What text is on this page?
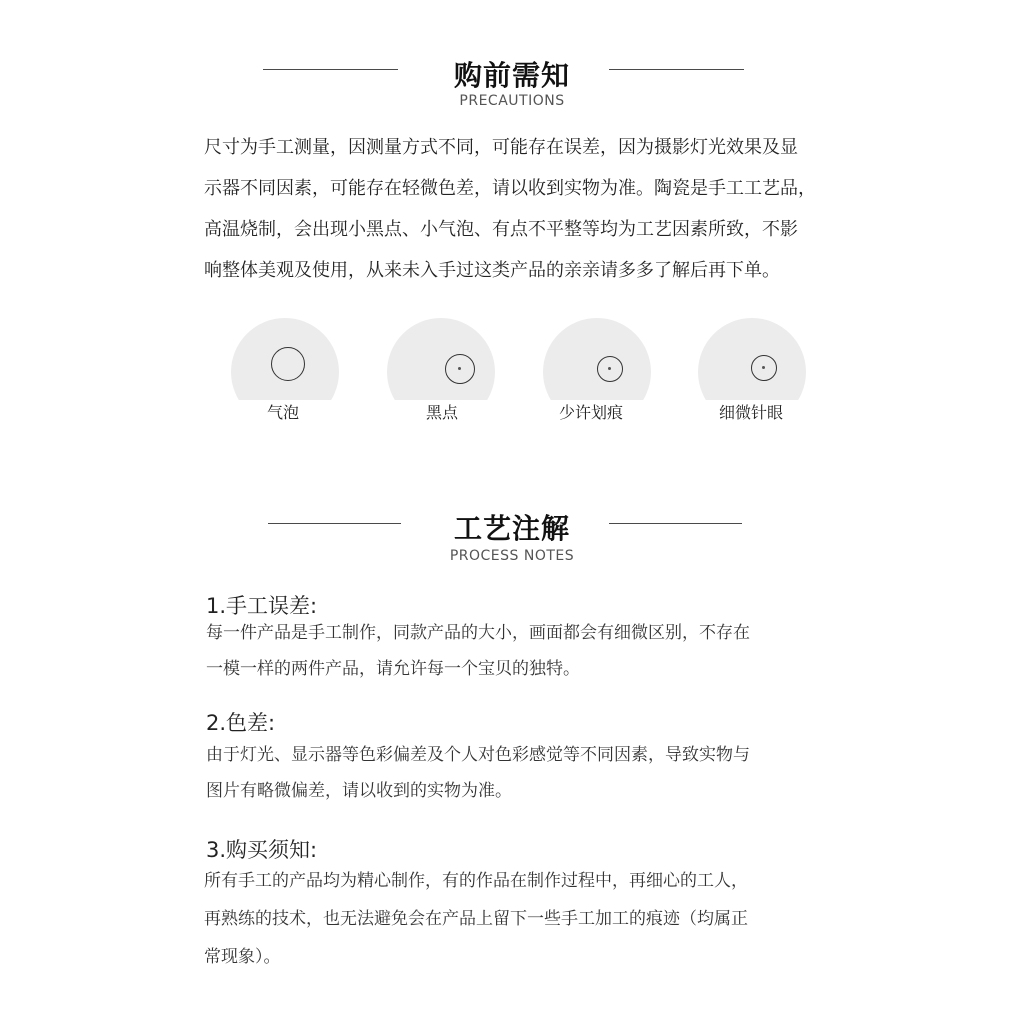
购前需知
PRECAUTIONS

尺寸为手工测量，因测量方式不同，可能存在误差，因为摄影灯光效果及显

示器不同因素，可能存在轻微色差，请以收到实物为准。陶瓷是手工工艺品，

高温烧制，会出现小黑点、小气泡、有点不平整等均为工艺因素所致，不影

响整体美观及使用，从来未入手过这类产品的亲亲请多多了解后再下单。

气泡	黑点	少许划痕	细微针眼
工艺注解
PROCESS NOTES
1.手工误差:

每一件产品是手工制作，同款产品的大小，画面都会有细微区别，不存在

一模一样的两件产品，请允许每一个宝贝的独特。

2.色差:

由于灯光、显示器等色彩偏差及个人对色彩感觉等不同因素，导致实物与

图片有略微偏差，请以收到的实物为准。

3.购买须知:

所有手工的产品均为精心制作，有的作品在制作过程中，再细心的工人，

再熟练的技术，也无法避免会在产品上留下一些手工加工的痕迹（均属正

常现象）。
